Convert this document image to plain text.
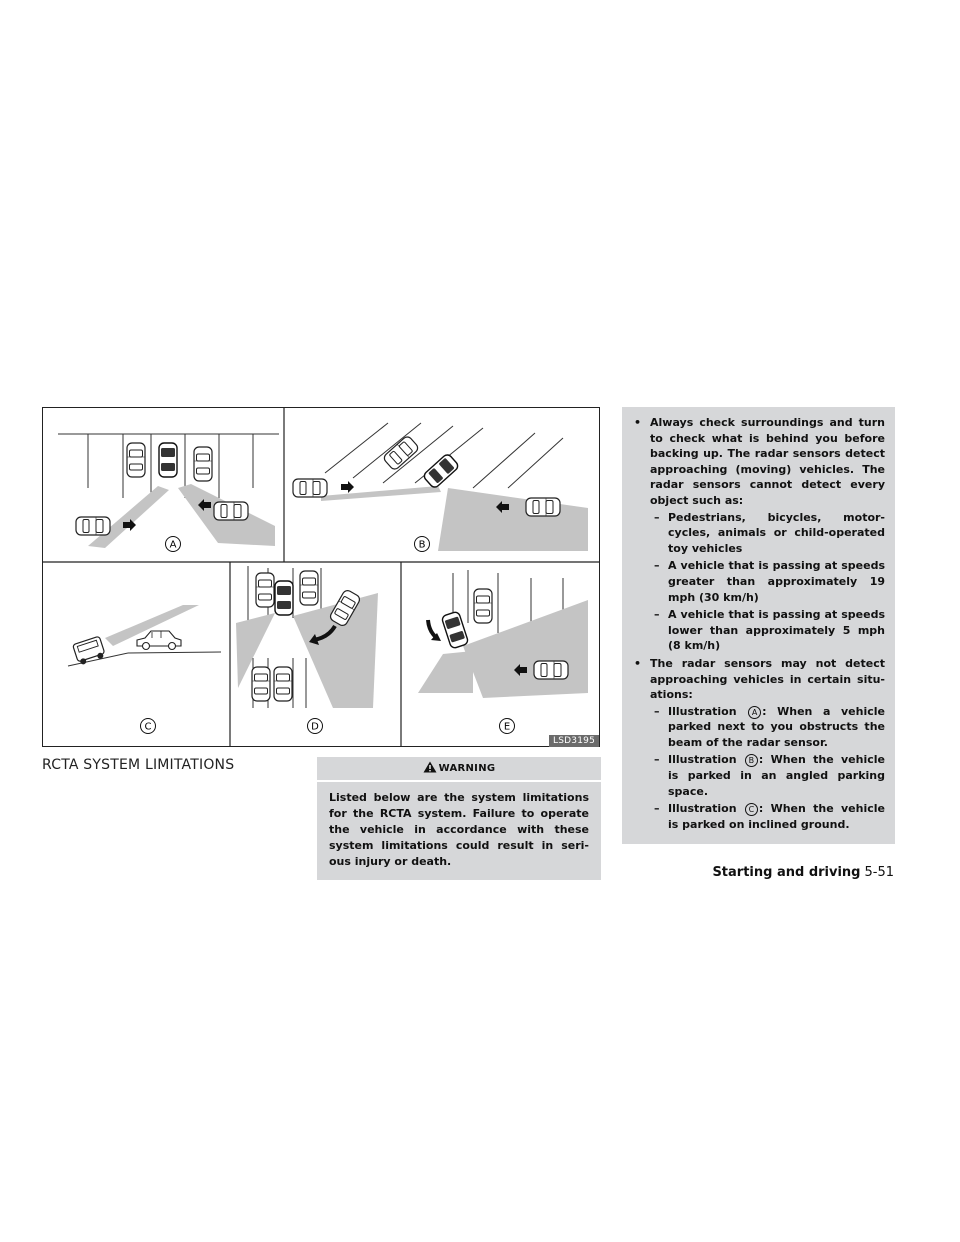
A	B
C	D	E
LSD3195
RCTA SYSTEM LIMITATIONS	WARNING
Listed below are the system limitations for the RCTA system. Failure to operate the vehicle in accordance with these system limitations could result in seri- ous injury or death.
• Always check surroundings and turn to check what is behind you before backing up. The radar sensors detect approaching (moving) vehicles. The radar sensors cannot detect every object such as:
– Pedestrians, bicycles, motor- cycles, animals or child-operated toy vehicles
– A vehicle that is passing at speeds greater than approximately 19 mph (30 km/h)
– A vehicle that is passing at speeds lower than approximately 5 mph (8 km/h)
• The radar sensors may not detect approaching vehicles in certain situ- ations:
– Illustration A : When a vehicle parked next to you obstructs the beam of the radar sensor.
– Illustration B : When the vehicle is parked in an angled parking space.
– Illustration C : When the vehicle is parked on inclined ground.
Starting and driving 5-51
